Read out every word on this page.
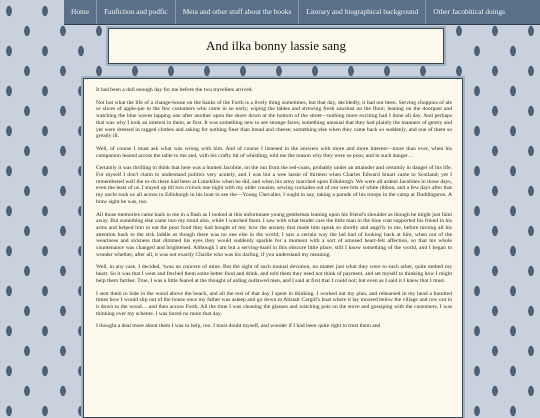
Home	Fanfiction and podfic	Meta and other stuff about the books	Literary and biographical background	Other Jacobitical doings
And ilka bonny lassie sang

It had been a dull enough day for me before the two travellers arrived.

Not but what the life of a change-house on the banks of the Forth is a lively thing sometimes, but that day, decidedly, it had not been. Serving choppins of ale or slices of apple-pie to the few customers who came in so early; wiping the tables and strewing fresh sawdust on the floor; leaning on the doorpost and watching the blue waves lapping one after another upon the shore down at the bottom of the street—nothing more exciting had I done all day. And perhaps that was why I took an interest in them, at first. It was something new to see strange faces; something unusual that they had plainly the manners of gentry and yet were dressed in ragged clothes and asking for nothing finer than bread and cheese; something else when they came back so suddenly, and one of them so greatly ill.

Well, of course I must ask what was wrong with him. And of course I listened to the answers with more and more interest—more than ever, when his companion leaned across the table to me and, with his crafty bit of whistling, told me the reason why they were so poor, and in such danger…

Certainly it was thrilling to think that here was a hunted Jacobite, on the run from the red-coats, probably under an attainder and certainly in danger of his life. For myself I don't claim to understand politics very acutely, and I was but a wee lassie of thirteen when Charles Edward Stuart came to Scotland; yet I remembered well the to-do there had been at Limekilns when he did, and when his army marched upon Edinburgh. We were all ardent Jacobites in those days, even the least of us. I stayed up till two o'clock one night with my older cousins, sewing cockades out of our wee bits of white ribbon, and a few days after that my uncle took us all across to Edinburgh in his boat to see the—Young Chevalier, I ought to say, taking a parade of his troops in the camp at Duddingston. A braw sight he was, too.

All those memories came back to me in a flash as I looked at this unfortunate young gentleman leaning upon his friend's shoulder as though he might just faint away. But something else came into my mind also, while I watched them. I saw with what tender care the little man in the blue coat supported his friend in his arms and helped him to eat the poor food they had bought of me; how the anxiety that made him speak so shortly and angrily to me, before turning all his attention back to the sick laddie as though there was no one else in the world; I saw a certain way the lad had of looking back at him, when out of the weariness and sickness that dimmed his eyes they would suddenly sparkle for a moment with a sort of amused heart-felt affection, so that his whole countenance was changed and brightened. Although I am but a serving-maid in this obscure little place, still I know something of the world, and I began to wonder whether, after all, it was not exactly Charlie who was his darling, if you understand my meaning.

Well, in any case, I decided, 'twas no concern of mine. But the sight of such mutual devotion, no matter just what they were to each other, quite melted my heart. So it was that I went and fetched them some better food and drink, and told them they need not think of payment, and set myself to thinking how I might help them further. True, I was a little feared at the thought of aiding outlawed men, and I said at first that I could not; but even as I said it I knew that I must.

I sent them to hide in the wood above the beach, and all the rest of that day I spent in thinking. I worked out my plan, and rehearsed in my head a hundred times how I would slip out of the house once my father was asleep and go down to Alistair Cargill's boat where it lay moored below the village and row out in it down to the wood… and then across Forth. All the time I was cleaning the glasses and watching pots on the stove and gossiping with the customers, I was thinking over my scheme. I was bored no more that day.

I thought a deal more about them I was to help, too. I must doubt myself, and wonder if I had been quite right to trust them and
